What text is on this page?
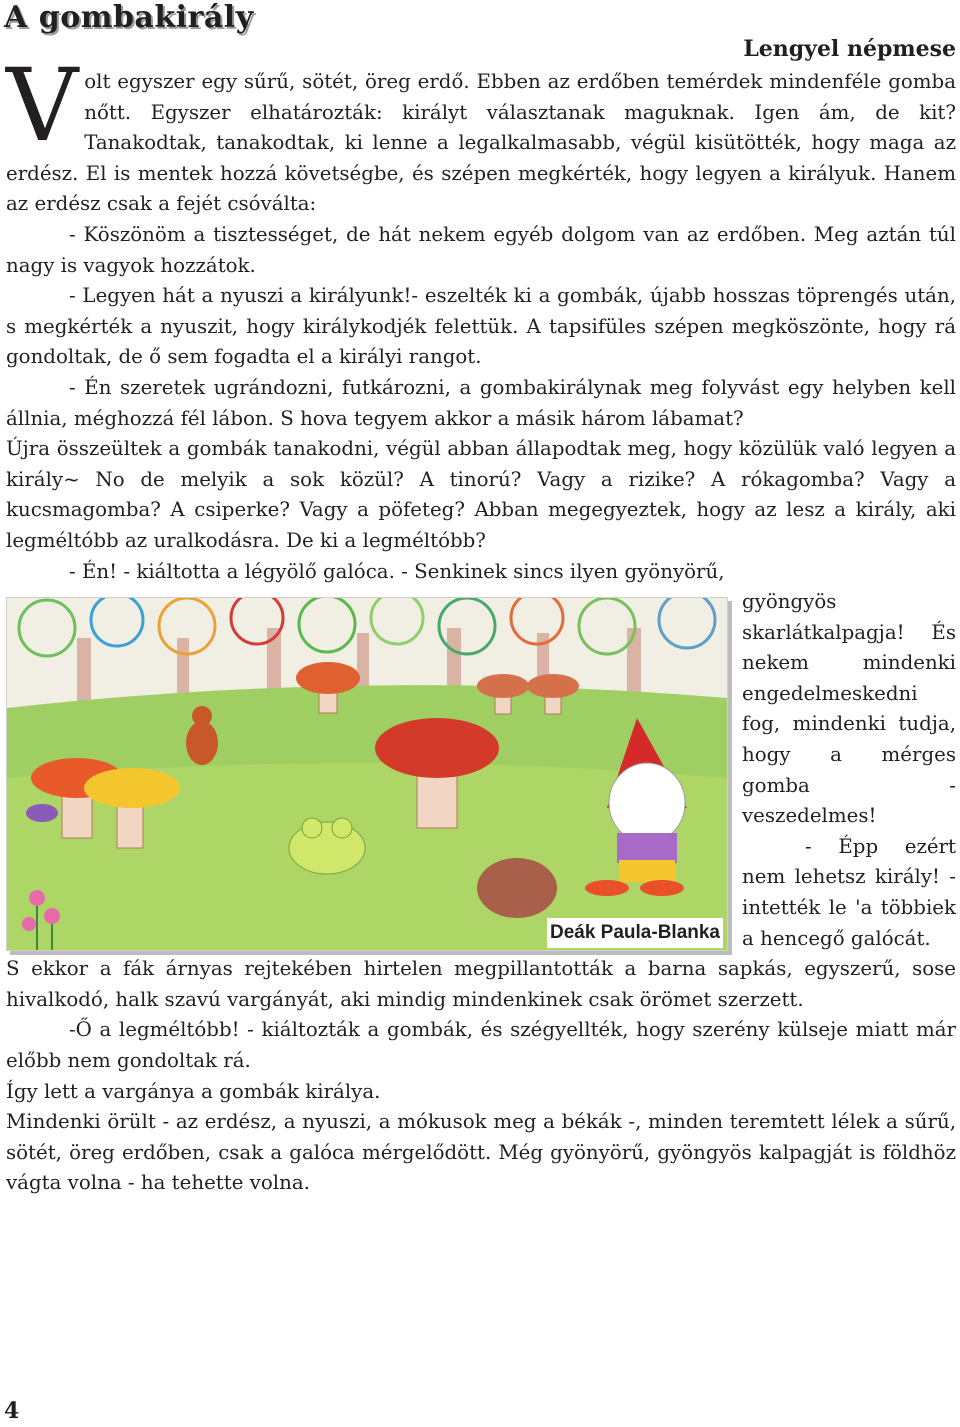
A gombakirály
Lengyel népmese

Volt egyszer egy sűrű, sötét, öreg erdő. Ebben az erdőben temérdek mindenféle gomba nőtt. Egyszer elhatározták: királyt választanak maguknak. Igen ám, de kit? Tanakodtak, tanakodtak, ki lenne a legalkalmasabb, végül kisütötték, hogy maga az erdész. El is mentek hozzá követségbe, és szépen megkérték, hogy legyen a királyuk. Hanem az erdész csak a fejét csóválta:

- Köszönöm a tisztességet, de hát nekem egyéb dolgom van az erdőben. Meg aztán túl nagy is vagyok hozzátok.

- Legyen hát a nyuszi a királyunk!- eszelték ki a gombák, újabb hosszas töprengés után, s megkérték a nyuszit, hogy királykodjék felettük. A tapsifüles szépen megköszönte, hogy rá gondoltak, de ő sem fogadta el a királyi rangot.

- Én szeretek ugrándozni, futkározni, a gombakirálynak meg folyvást egy helyben kell állnia, méghozzá fél lábon. S hova tegyem akkor a másik három lábamat?

Újra összeültek a gombák tanakodni, végül abban állapodtak meg, hogy közülük való legyen a király~ No de melyik a sok közül? A tinorú? Vagy a rizike? A rókagomba? Vagy a kucsmagomba? A csiperke? Vagy a pöfeteg? Abban megegyeztek, hogy az lesz a király, aki legméltóbb az uralkodásra. De ki a legméltóbb?

- Én! - kiáltotta a légyölő galóca. - Senkinek sincs ilyen gyönyörű,

Deák Paula-Blanka

gyöngyös skarlátkalpagja! És nekem mindenki engedelmeskedni fog, mindenki tudja, hogy a mérges gomba - veszedelmes!

- Épp ezért nem lehetsz király! - intették le 'a többiek a hencegő galócát.

S ekkor a fák árnyas rejtekében hirtelen megpillantották a barna sapkás, egyszerű, sose hivalkodó, halk szavú vargányát, aki mindig mindenkinek csak örömet szerzett.

-Ő a legméltóbb! - kiáltozták a gombák, és szégyellték, hogy szerény külseje miatt már előbb nem gondoltak rá.

Így lett a vargánya a gombák királya.

Mindenki örült - az erdész, a nyuszi, a mókusok meg a békák -, minden teremtett lélek a sűrű, sötét, öreg erdőben, csak a galóca mérgelődött. Még gyönyörű, gyöngyös kalpagját is földhöz vágta volna - ha tehette volna.

4
